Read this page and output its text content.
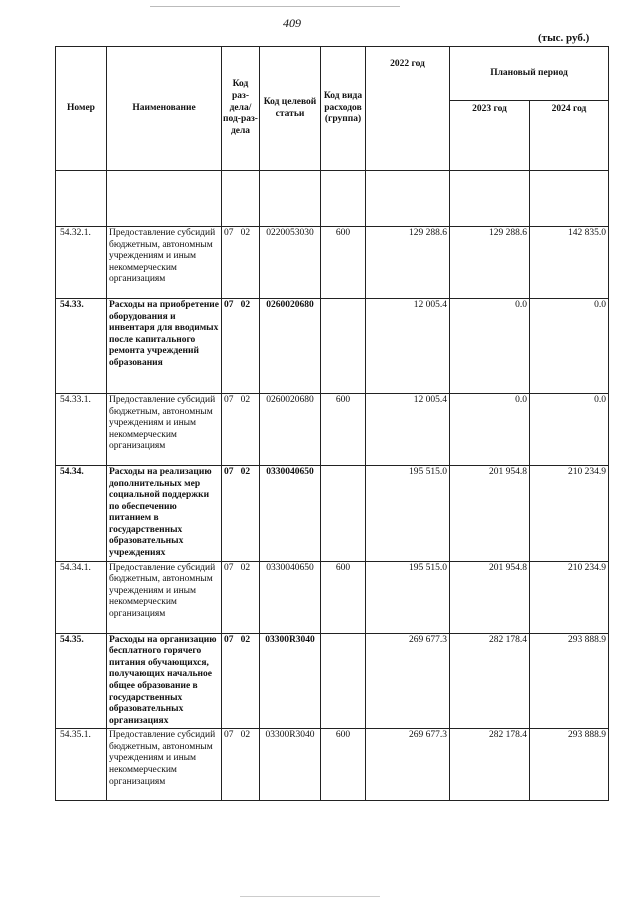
409
(тыс. руб.)
Номер	Наименование	Код раз-дела/ под-раз-дела	Код целевой статьи	Код вида расходов (группа)	2022 год	Плановый период	
						2023 год	2024 год

54.32.1.	Предоставление субсидий бюджетным, автономным учреждениям и иным некоммерческим организациям	07 02	0220053030	600	129 288.6	129 288.6	142 835.0
54.33.	Расходы на приобретение оборудования и инвентаря для вводимых после капитального ремонта учреждений образования	07 02	0260020680		12 005.4	0.0	0.0
54.33.1.	Предоставление субсидий бюджетным, автономным учреждениям и иным некоммерческим организациям	07 02	0260020680	600	12 005.4	0.0	0.0
54.34.	Расходы на реализацию дополнительных мер социальной поддержки по обеспечению питанием в государственных образовательных учреждениях	07 02	0330040650		195 515.0	201 954.8	210 234.9
54.34.1.	Предоставление субсидий бюджетным, автономным учреждениям и иным некоммерческим организациям	07 02	0330040650	600	195 515.0	201 954.8	210 234.9
54.35.	Расходы на организацию бесплатного горячего питания обучающихся, получающих начальное общее образование в государственных образовательных организациях	07 02	03300R3040		269 677.3	282 178.4	293 888.9
54.35.1.	Предоставление субсидий бюджетным, автономным учреждениям и иным некоммерческим организациям	07 02	03300R3040	600	269 677.3	282 178.4	293 888.9
